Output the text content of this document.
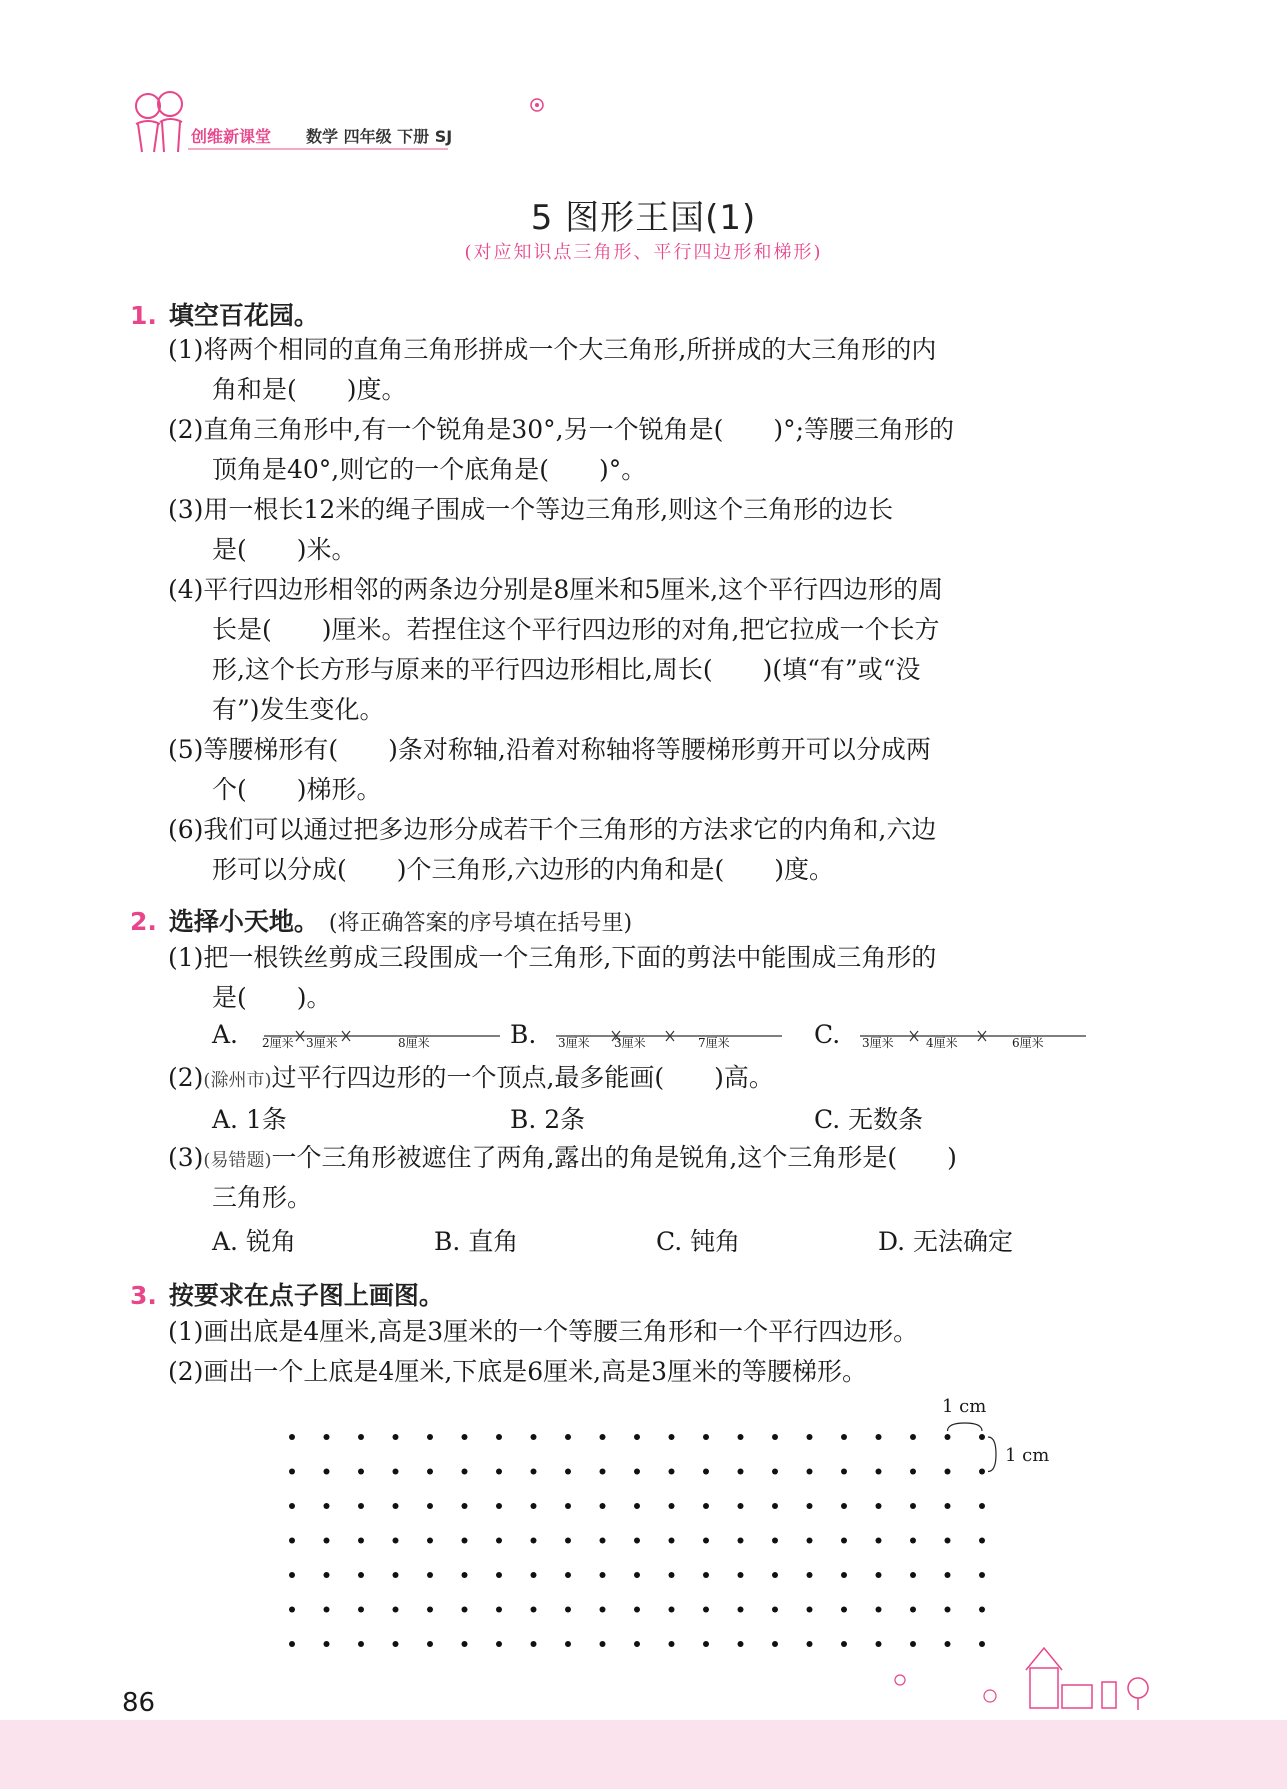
创维新课堂 数学 四年级 下册 SJ
5 图形王国(1)
(对应知识点三角形、平行四边形和梯形)
1. 填空百花园。
(1)将两个相同的直角三角形拼成一个大三角形,所拼成的大三角形的内
角和是(　　)度。
(2)直角三角形中,有一个锐角是30°,另一个锐角是(　　)°;等腰三角形的
顶角是40°,则它的一个底角是(　　)°。
(3)用一根长12米的绳子围成一个等边三角形,则这个三角形的边长
是(　　)米。
(4)平行四边形相邻的两条边分别是8厘米和5厘米,这个平行四边形的周
长是(　　)厘米。若捏住这个平行四边形的对角,把它拉成一个长方
形,这个长方形与原来的平行四边形相比,周长(　　)(填“有”或“没
有”)发生变化。
(5)等腰梯形有(　　)条对称轴,沿着对称轴将等腰梯形剪开可以分成两
个(　　)梯形。
(6)我们可以通过把多边形分成若干个三角形的方法求它的内角和,六边
形可以分成(　　)个三角形,六边形的内角和是(　　)度。
2. 选择小天地。 (将正确答案的序号填在括号里)
(1)把一根铁丝剪成三段围成一个三角形,下面的剪法中能围成三角形的
是(　　)。
A. 2厘米 3厘米	8厘米	B. 3厘米 3厘米	7厘米	C. 3厘米	4厘米	6厘米
(2)(滁州市)过平行四边形的一个顶点,最多能画(　　)高。
A. 1条	B. 2条	C. 无数条
(3)(易错题)一个三角形被遮住了两角,露出的角是锐角,这个三角形是(　　)
三角形。
A. 锐角	B. 直角	C. 钝角	D. 无法确定
3. 按要求在点子图上画图。
(1)画出底是4厘米,高是3厘米的一个等腰三角形和一个平行四边形。
(2)画出一个上底是4厘米,下底是6厘米,高是3厘米的等腰梯形。
1 cm
1 cm
86
